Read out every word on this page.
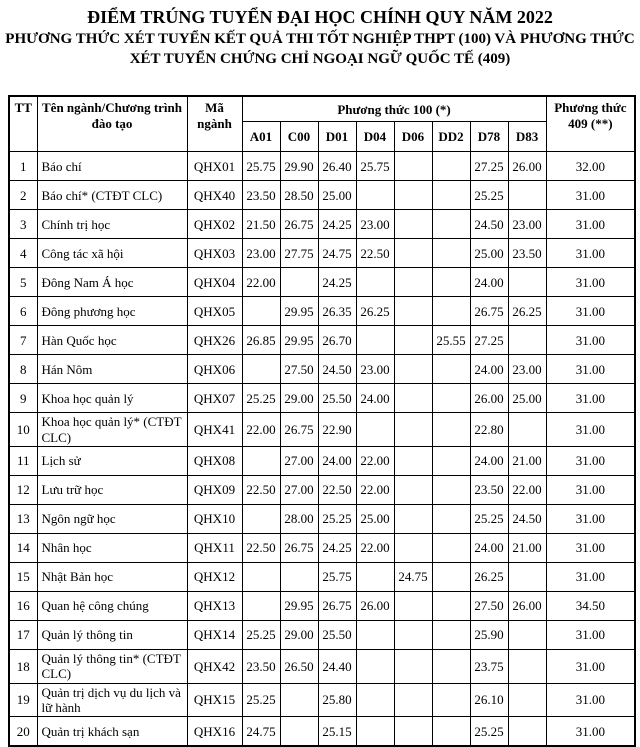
ĐIỂM TRÚNG TUYỂN ĐẠI HỌC CHÍNH QUY NĂM 2022
PHƯƠNG THỨC XÉT TUYỂN KẾT QUẢ THI TỐT NGHIỆP THPT (100) VÀ PHƯƠNG THỨC
XÉT TUYỂN CHỨNG CHỈ NGOẠI NGỮ QUỐC TẾ (409)
TT	Tên ngành/Chương trình đào tạo	Mã ngành	Phương thức 100 (*)								Phương thức 409 (**)
			A01	C00	D01	D04	D06	DD2	D78	D83	
1	Báo chí	QHX01	25.75	29.90	26.40	25.75			27.25	26.00	32.00
2	Báo chí* (CTĐT CLC)	QHX40	23.50	28.50	25.00				25.25		31.00
3	Chính trị học	QHX02	21.50	26.75	24.25	23.00			24.50	23.00	31.00
4	Công tác xã hội	QHX03	23.00	27.75	24.75	22.50			25.00	23.50	31.00
5	Đông Nam Á học	QHX04	22.00		24.25				24.00		31.00
6	Đông phương học	QHX05		29.95	26.35	26.25			26.75	26.25	31.00
7	Hàn Quốc học	QHX26	26.85	29.95	26.70			25.55	27.25		31.00
8	Hán Nôm	QHX06		27.50	24.50	23.00			24.00	23.00	31.00
9	Khoa học quản lý	QHX07	25.25	29.00	25.50	24.00			26.00	25.00	31.00
10	Khoa học quản lý* (CTĐT CLC)	QHX41	22.00	26.75	22.90				22.80		31.00
11	Lịch sử	QHX08		27.00	24.00	22.00			24.00	21.00	31.00
12	Lưu trữ học	QHX09	22.50	27.00	22.50	22.00			23.50	22.00	31.00
13	Ngôn ngữ học	QHX10		28.00	25.25	25.00			25.25	24.50	31.00
14	Nhân học	QHX11	22.50	26.75	24.25	22.00			24.00	21.00	31.00
15	Nhật Bản học	QHX12			25.75		24.75		26.25		31.00
16	Quan hệ công chúng	QHX13		29.95	26.75	26.00			27.50	26.00	34.50
17	Quản lý thông tin	QHX14	25.25	29.00	25.50				25.90		31.00
18	Quản lý thông tin* (CTĐT CLC)	QHX42	23.50	26.50	24.40				23.75		31.00
19	Quản trị dịch vụ du lịch và lữ hành	QHX15	25.25		25.80				26.10		31.00
20	Quản trị khách sạn	QHX16	24.75		25.15				25.25		31.00
